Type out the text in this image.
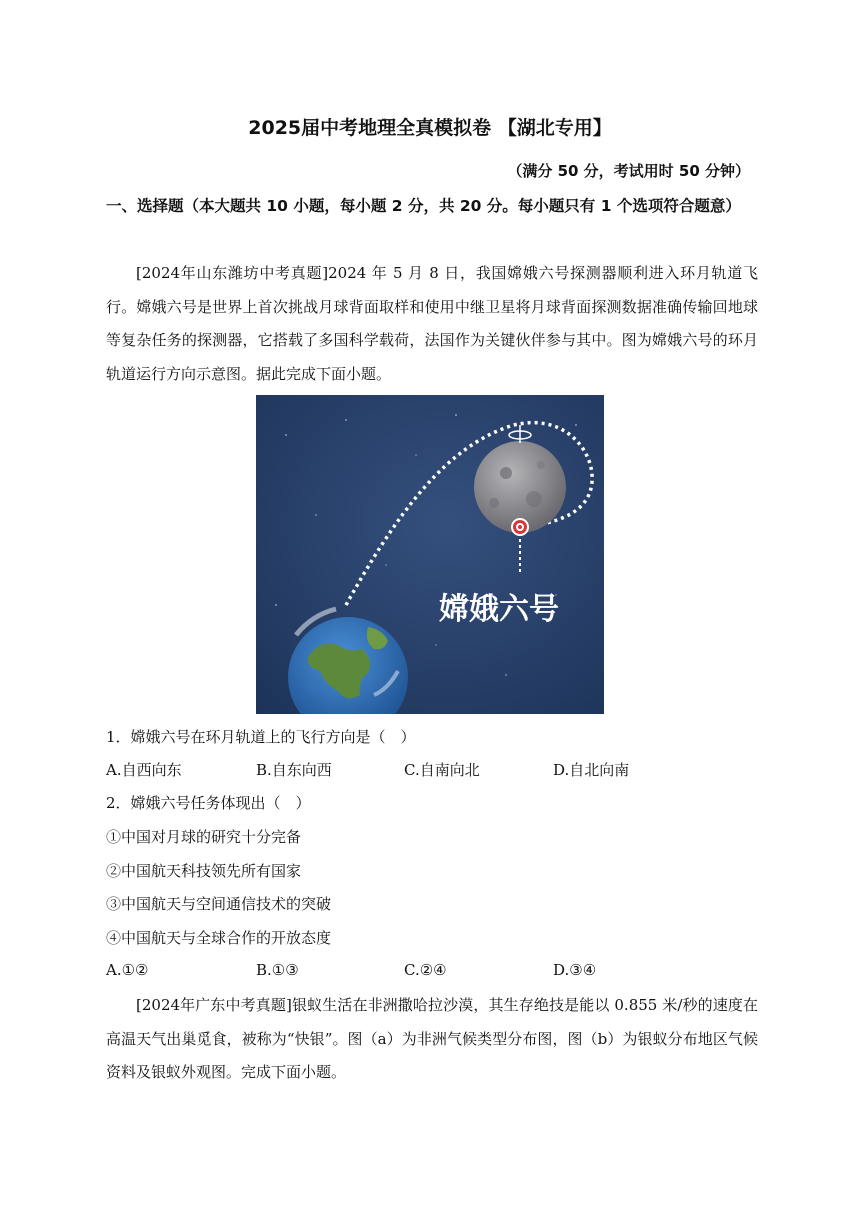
2025届中考地理全真模拟卷 【湖北专用】
（满分 50 分，考试用时 50 分钟）
一、选择题（本大题共 10 小题，每小题 2 分，共 20 分。每小题只有 1 个选项符合题意）
[2024年山东潍坊中考真题]2024 年 5 月 8 日，我国嫦娥六号探测器顺利进入环月轨道飞行。嫦娥六号是世界上首次挑战月球背面取样和使用中继卫星将月球背面探测数据准确传输回地球等复杂任务的探测器，它搭载了多国科学载荷，法国作为关键伙伴参与其中。图为嫦娥六号的环月轨道运行方向示意图。据此完成下面小题。
嫦娥六号
1．嫦娥六号在环月轨道上的飞行方向是（　）
A.自西向东	B.自东向西	C.自南向北	D.自北向南
2．嫦娥六号任务体现出（　）
①中国对月球的研究十分完备
②中国航天科技领先所有国家
③中国航天与空间通信技术的突破
④中国航天与全球合作的开放态度
A.①②	B.①③	C.②④	D.③④
[2024年广东中考真题]银蚁生活在非洲撒哈拉沙漠，其生存绝技是能以 0.855 米/秒的速度在高温天气出巢觅食，被称为“快银”。图（a）为非洲气候类型分布图，图（b）为银蚁分布地区气候资料及银蚁外观图。完成下面小题。
